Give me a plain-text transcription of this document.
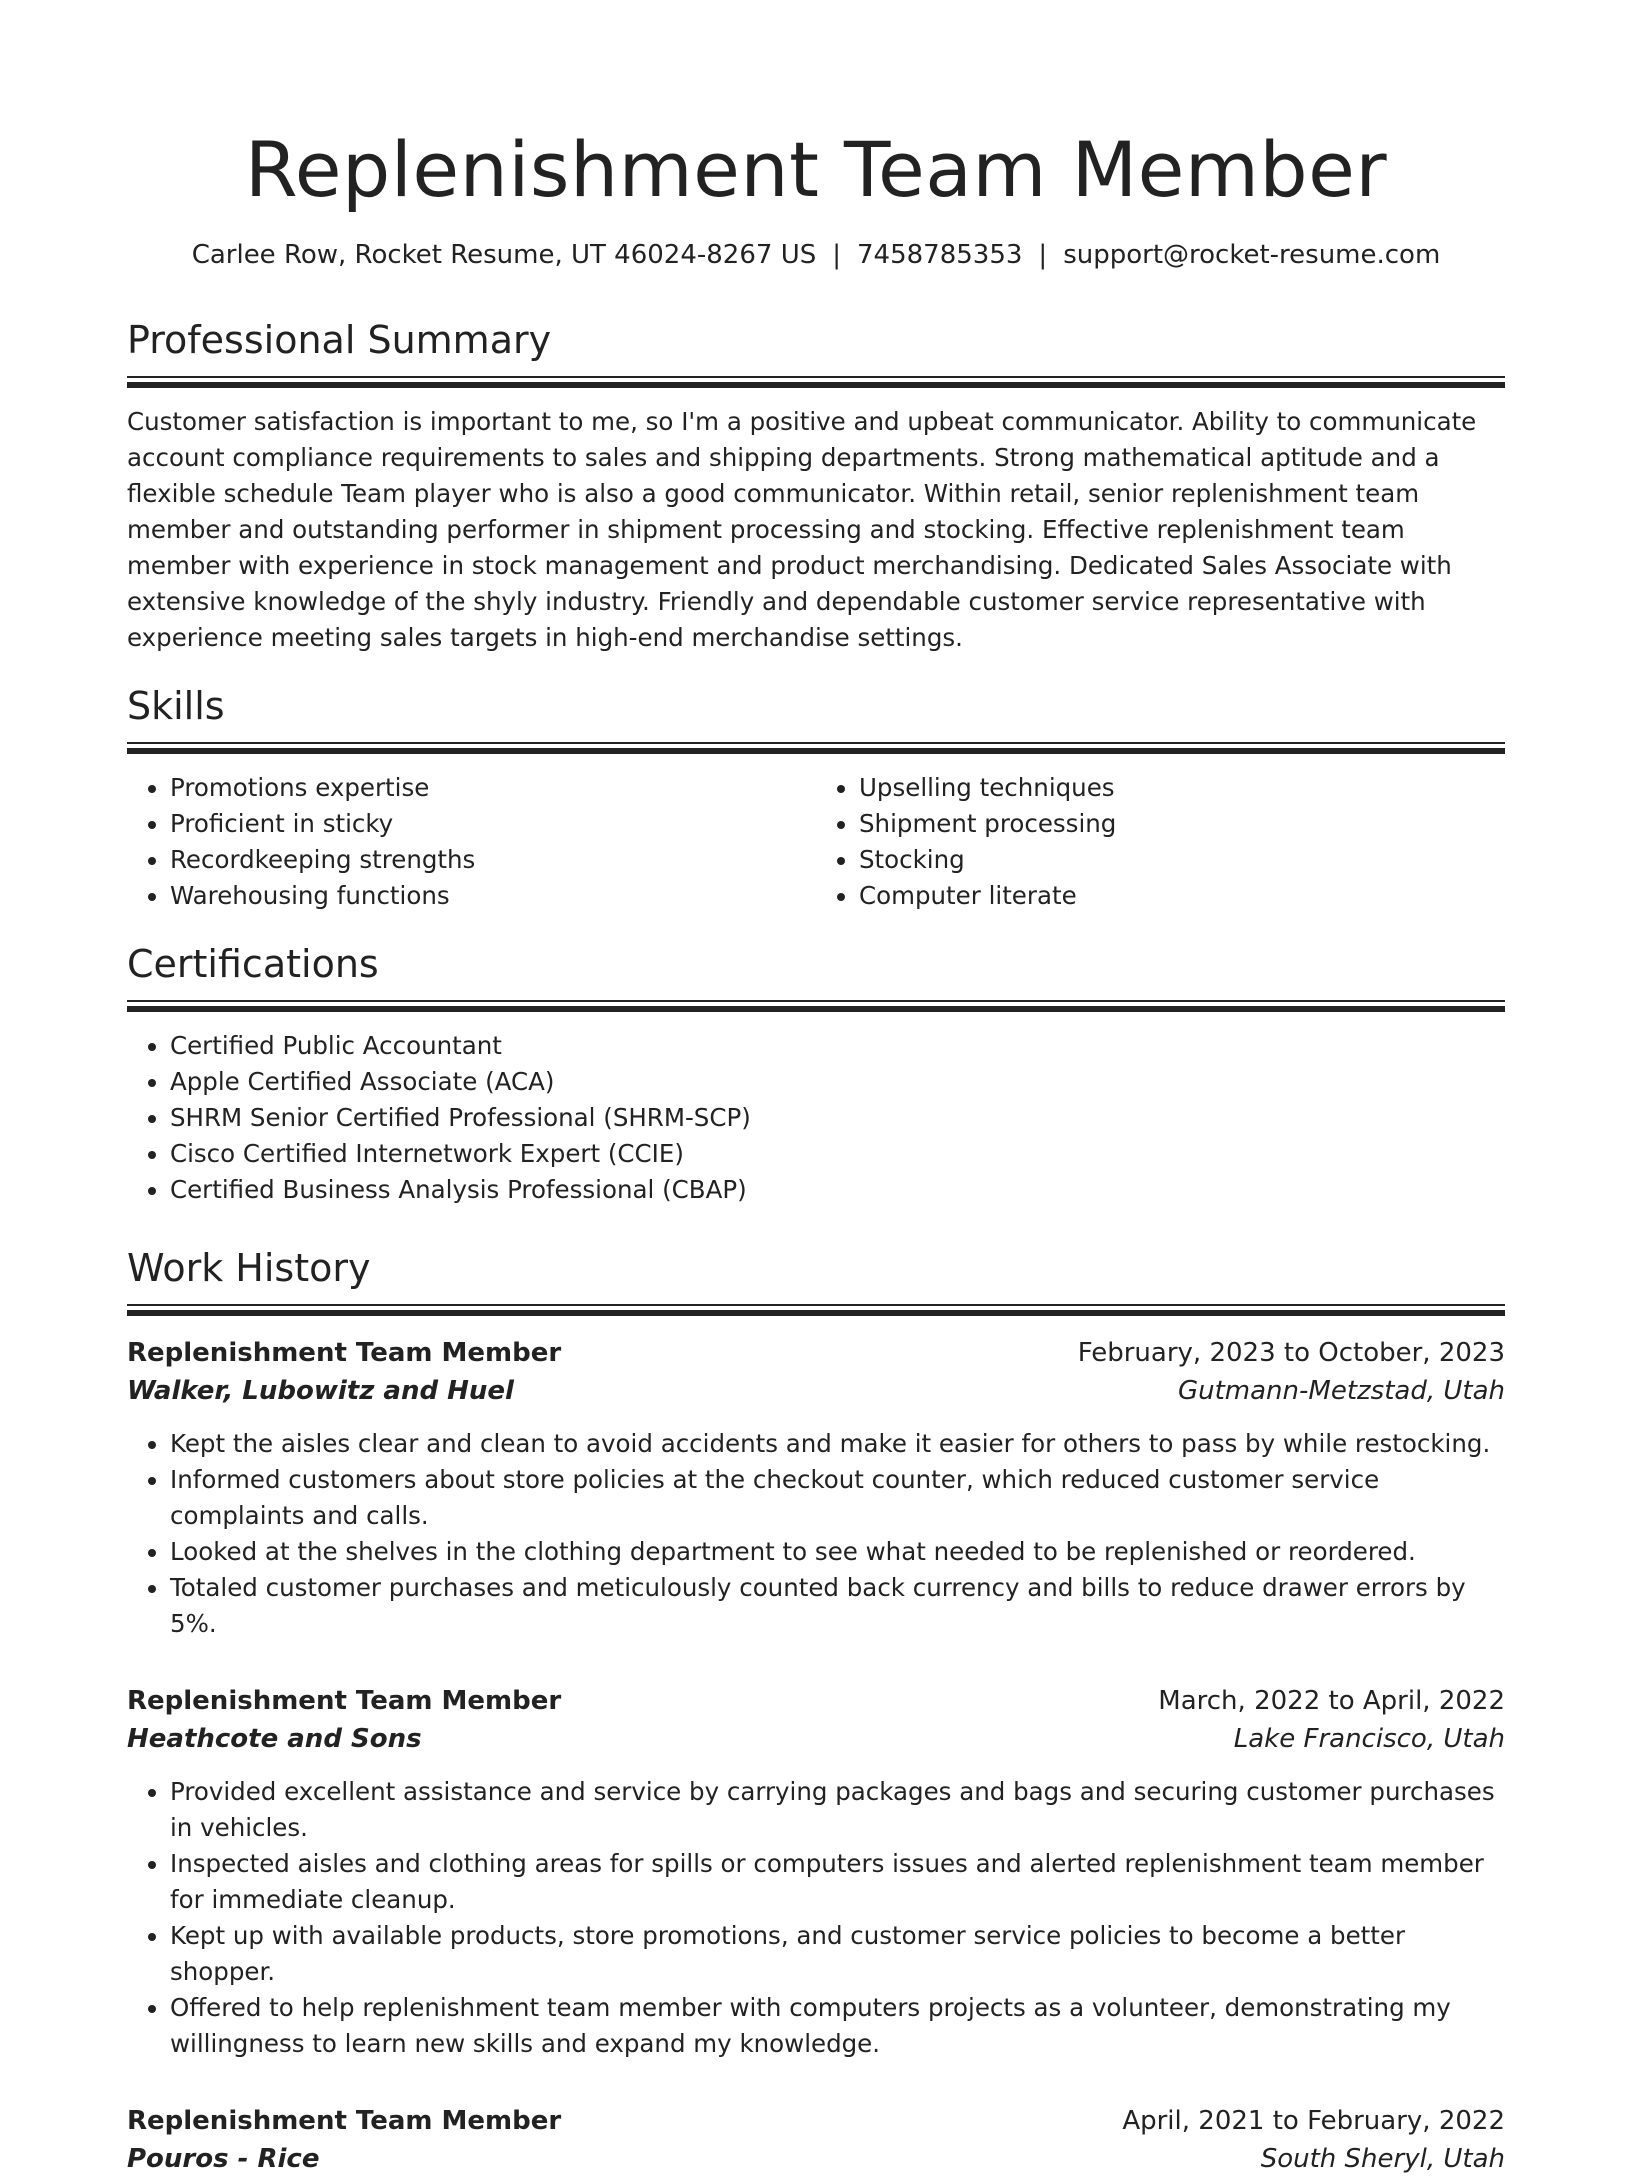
Replenishment Team Member
Carlee Row, Rocket Resume, UT 46024-8267 US | 7458785353 | support@rocket-resume.com
Professional Summary
Customer satisfaction is important to me, so I'm a positive and upbeat communicator. Ability to communicate account compliance requirements to sales and shipping departments. Strong mathematical aptitude and a flexible schedule Team player who is also a good communicator. Within retail, senior replenishment team member and outstanding performer in shipment processing and stocking. Effective replenishment team member with experience in stock management and product merchandising. Dedicated Sales Associate with extensive knowledge of the shyly industry. Friendly and dependable customer service representative with experience meeting sales targets in high-end merchandise settings.
Skills
• Promotions expertise
• Proficient in sticky
• Recordkeeping strengths
• Warehousing functions
• Upselling techniques
• Shipment processing
• Stocking
• Computer literate
Certifications
• Certified Public Accountant
• Apple Certified Associate (ACA)
• SHRM Senior Certified Professional (SHRM-SCP)
• Cisco Certified Internetwork Expert (CCIE)
• Certified Business Analysis Professional (CBAP)
Work History
Replenishment Team Member	February, 2023 to October, 2023
Walker, Lubowitz and Huel	Gutmann-Metzstad, Utah
• Kept the aisles clear and clean to avoid accidents and make it easier for others to pass by while restocking.
• Informed customers about store policies at the checkout counter, which reduced customer service complaints and calls.
• Looked at the shelves in the clothing department to see what needed to be replenished or reordered.
• Totaled customer purchases and meticulously counted back currency and bills to reduce drawer errors by 5%.
Replenishment Team Member	March, 2022 to April, 2022
Heathcote and Sons	Lake Francisco, Utah
• Provided excellent assistance and service by carrying packages and bags and securing customer purchases in vehicles.
• Inspected aisles and clothing areas for spills or computers issues and alerted replenishment team member for immediate cleanup.
• Kept up with available products, store promotions, and customer service policies to become a better shopper.
• Offered to help replenishment team member with computers projects as a volunteer, demonstrating my willingness to learn new skills and expand my knowledge.
Replenishment Team Member	April, 2021 to February, 2022
Pouros - Rice	South Sheryl, Utah
